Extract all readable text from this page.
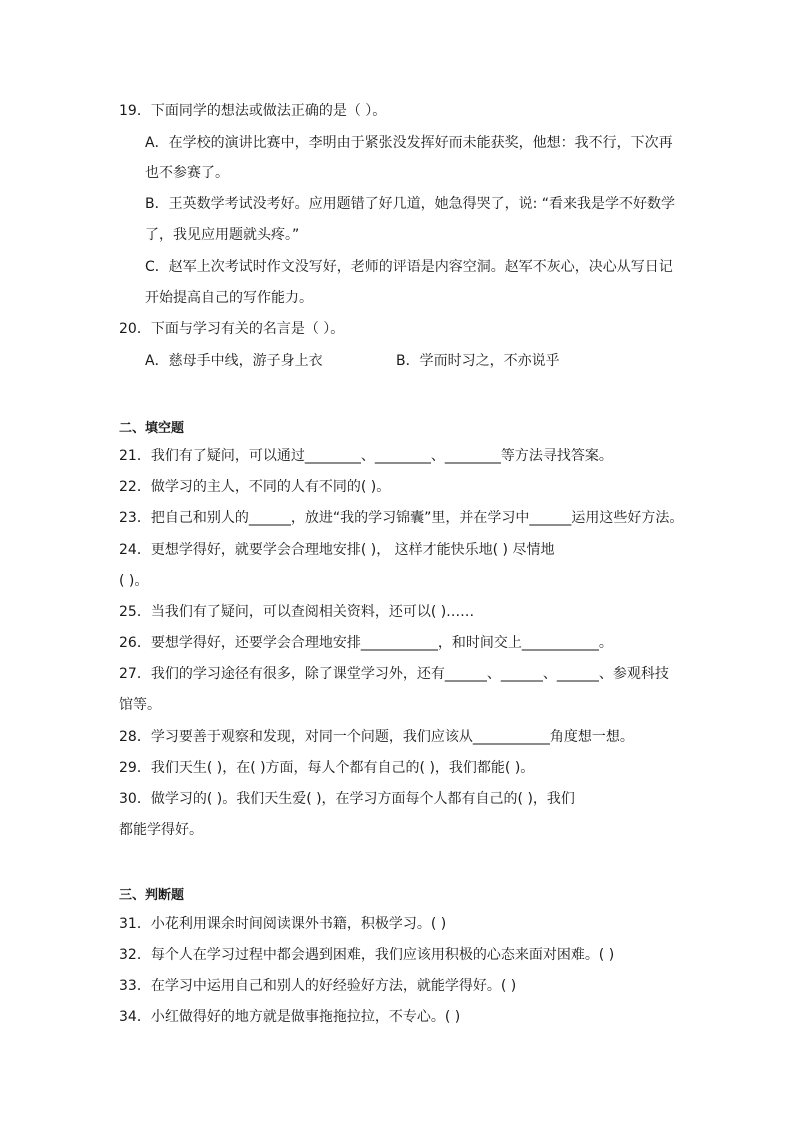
19．下面同学的想法或做法正确的是（ ）。
A．在学校的演讲比赛中，李明由于紧张没发挥好而未能获奖，他想：我不行，下次再
也不参赛了。
B．王英数学考试没考好。应用题错了好几道，她急得哭了，说: “看来我是学不好数学
了，我见应用题就头疼。”
C．赵军上次考试时作文没写好，老师的评语是内容空洞。赵军不灰心，决心从写日记
开始提高自己的写作能力。
20．下面与学习有关的名言是（ ）。
A．慈母手中线，游子身上衣	B．学而时习之，不亦说乎
二、填空题
21．我们有了疑问，可以通过________、________、________等方法寻找答案。
22．做学习的主人，不同的人有不同的( )。
23．把自己和别人的______，放进“我的学习锦囊”里，并在学习中______运用这些好方法。
24．更想学得好，就要学会合理地安排( )， 这样才能快乐地( ) 尽情地
( )。
25．当我们有了疑问，可以查阅相关资料，还可以( )……
26．要想学得好，还要学会合理地安排___________，和时间交上___________。
27．我们的学习途径有很多，除了课堂学习外，还有______、______、______、参观科技
馆等。
28．学习要善于观察和发现，对同一个问题，我们应该从___________角度想一想。
29．我们天生( )，在( )方面，每人个都有自己的( )，我们都能( )。
30．做学习的( )。我们天生爱( )，在学习方面每个人都有自己的( )，我们
都能学得好。
三、判断题
31．小花利用课余时间阅读课外书籍，积极学习。( )
32．每个人在学习过程中都会遇到困难，我们应该用积极的心态来面对困难。( )
33．在学习中运用自己和别人的好经验好方法，就能学得好。( )
34．小红做得好的地方就是做事拖拖拉拉，不专心。( )
